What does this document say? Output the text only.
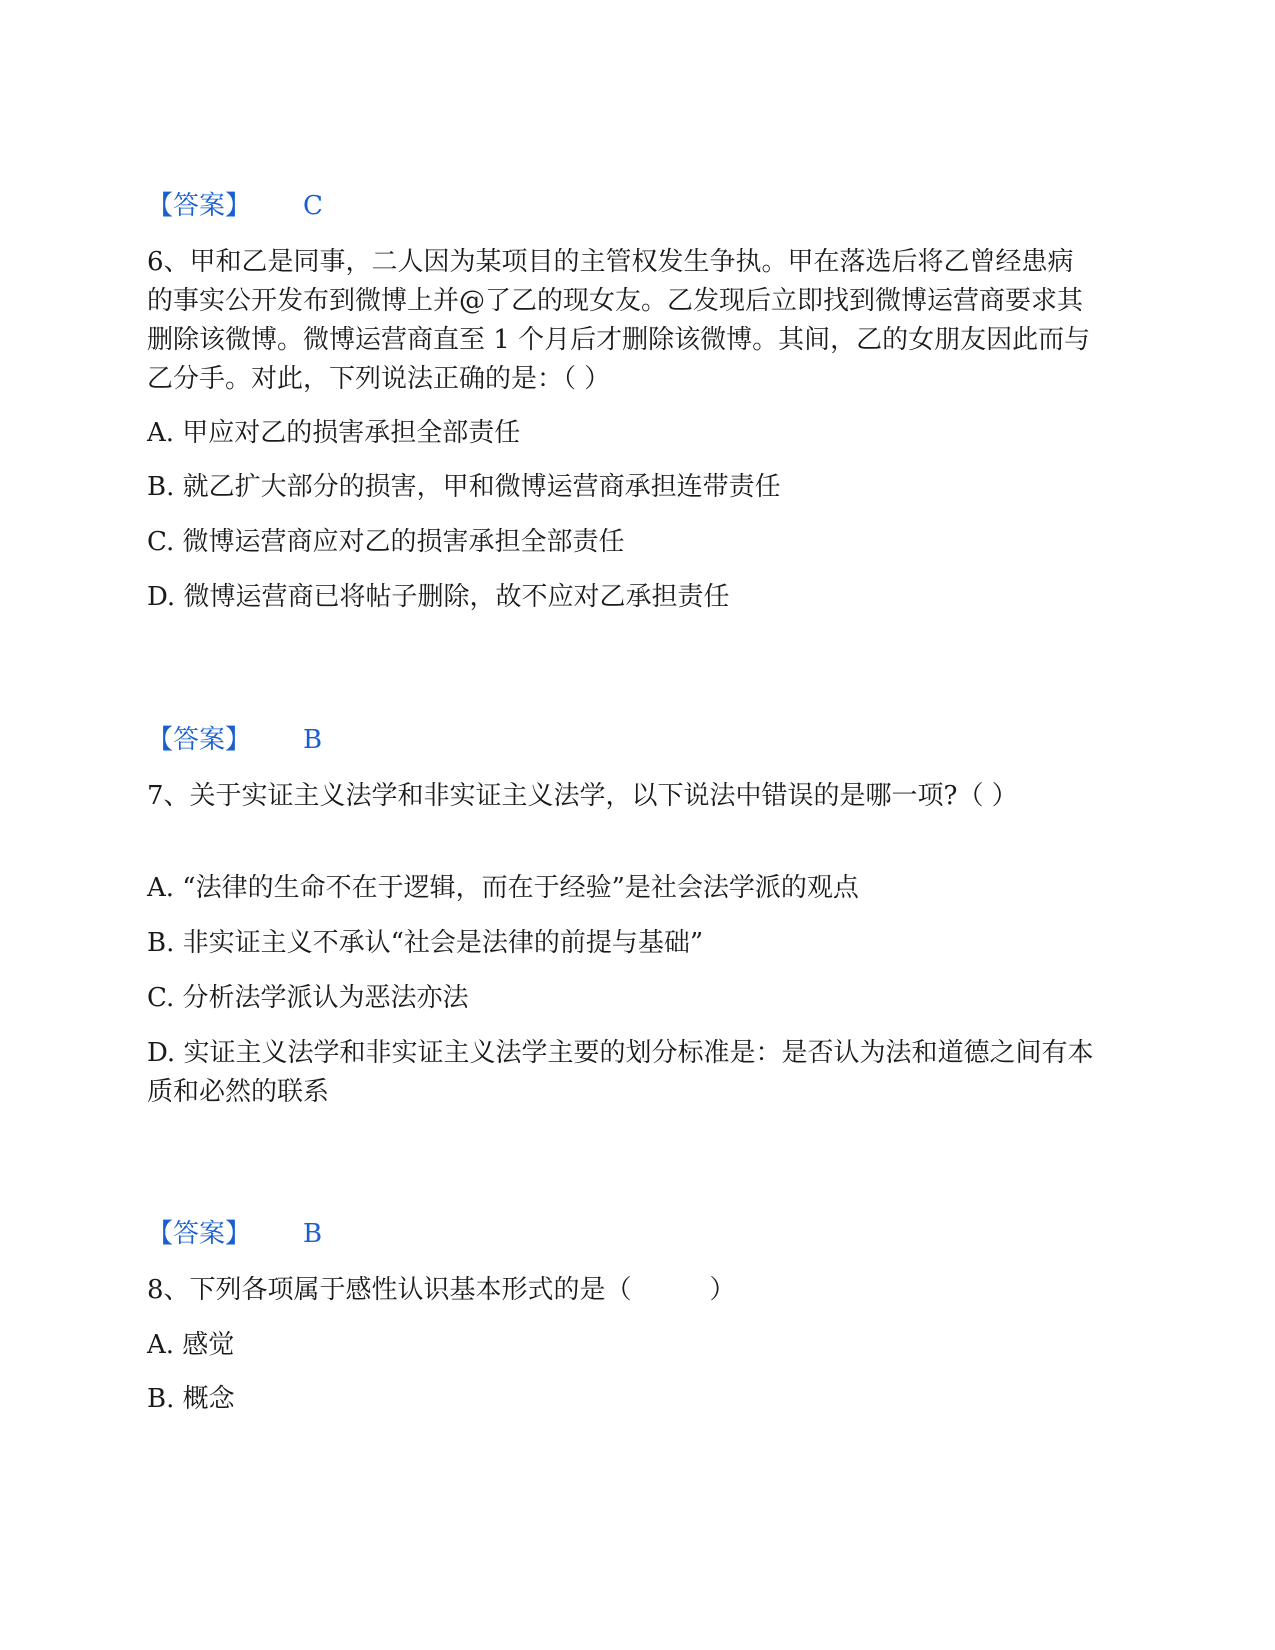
【答案】 C
6、甲和乙是同事，二人因为某项目的主管权发生争执。甲在落选后将乙曾经患病的事实公开发布到微博上并@了乙的现女友。乙发现后立即找到微博运营商要求其删除该微博。微博运营商直至 1 个月后才删除该微博。其间，乙的女朋友因此而与乙分手。对此，下列说法正确的是：（ ）
A. 甲应对乙的损害承担全部责任
B. 就乙扩大部分的损害，甲和微博运营商承担连带责任
C. 微博运营商应对乙的损害承担全部责任
D. 微博运营商已将帖子删除，故不应对乙承担责任
【答案】 B
7、关于实证主义法学和非实证主义法学，以下说法中错误的是哪一项?（ ）
A. “法律的生命不在于逻辑，而在于经验”是社会法学派的观点
B. 非实证主义不承认“社会是法律的前提与基础”
C. 分析法学派认为恶法亦法
D. 实证主义法学和非实证主义法学主要的划分标准是：是否认为法和道德之间有本质和必然的联系
【答案】 B
8、下列各项属于感性认识基本形式的是（　　　）
A. 感觉
B. 概念
